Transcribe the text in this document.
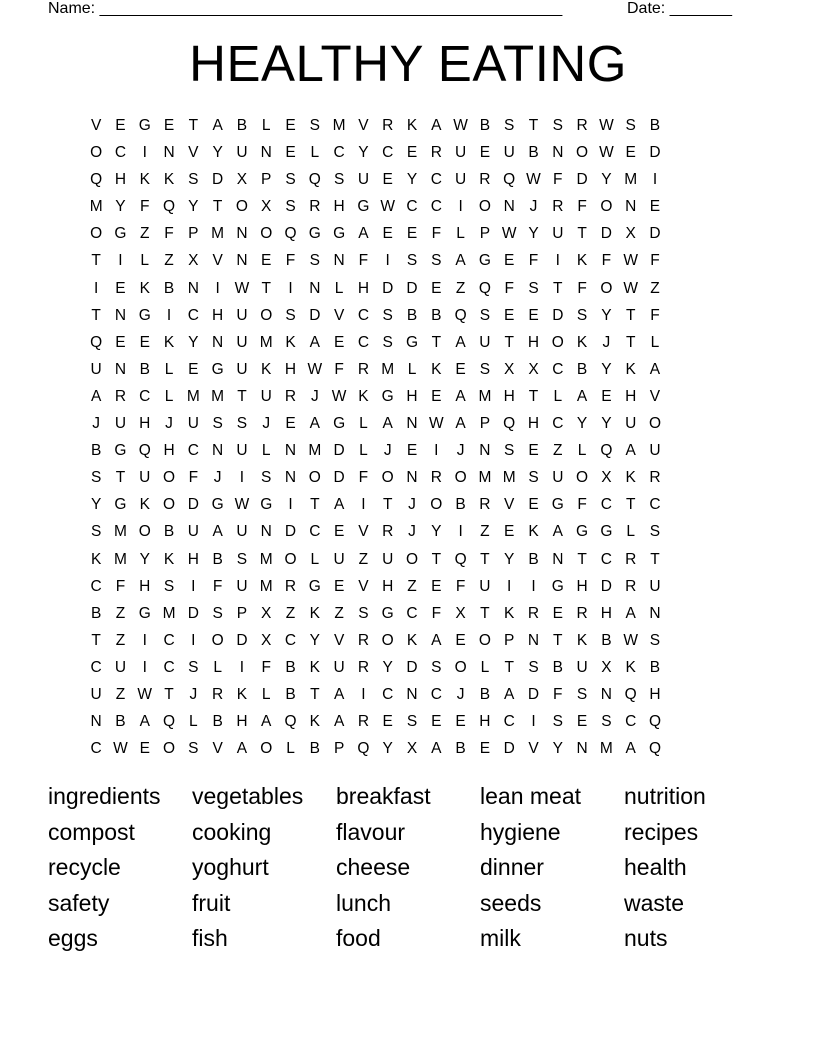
Name: ____________________________________________________	Date: _______
HEALTHY EATING
V E G E T A B L E S M V R K A W B S T S R W S B
O C	I	N V Y U N E L C Y C E R U E U B N O W E D
Q H K K S D X P S Q S U E Y C U R Q W F D Y M	I
M Y F Q Y T O X S R H G W C C	I	O N J R F O N E
O G Z F P M N O Q G G A E E F L P W Y U T D X D
T	I	L Z X V N E F S N F	I	S S A G E F	I	K F W F
I	E K B N	I W T	I	N L H D D E Z Q F S T F O W Z
T N G	I	C H U O S D V C S B B Q S E E D S Y T F
Q E E K Y N U M K A E C S G T A U T H O K J	T L
U N B L E G U K H W F R M L K E S X X C B Y K A
A R C L M M T U R J W K G H E A M H T L A E H V
J U H J U S S J E A G L A N W A P Q H C Y Y U O
B G Q H C N U L N M D L	J E	I	J N S E Z L Q A U
S T U O F	J	I	S N O D F O N R O M M S U O X K R
Y G K O D G W G	I	T A	I	T	J O B R V E G F C T C
S M O B U A U N D C E V R J Y	I	Z E K A G G L S
K M Y K H B S M O L U Z U O T Q T Y B N T C R T
C F H S	I	F U M R G E V H Z E F U	I	I	G H D R U
B Z G M D S P X Z K Z S G C F X T K R E R H A N
T Z	I	C	I	O D X C Y V R O K A E O P N T K B W S
C U	I	C S L	I	F B K U R Y D S O L T S B U X K B
U Z W T	J R K L B T A	I	C N C J B A D F S N Q H
N B A Q L B H A Q K A R E S E E H C	I	S E S C Q
C W E O S V A O L B P Q Y X A B E D V Y N M A Q
ingredients	vegetables	breakfast	lean meat	nutrition
compost	cooking	flavour	hygiene	recipes
recycle	yoghurt	cheese	dinner	health
safety	fruit	lunch	seeds	waste
eggs	fish	food	milk	nuts
